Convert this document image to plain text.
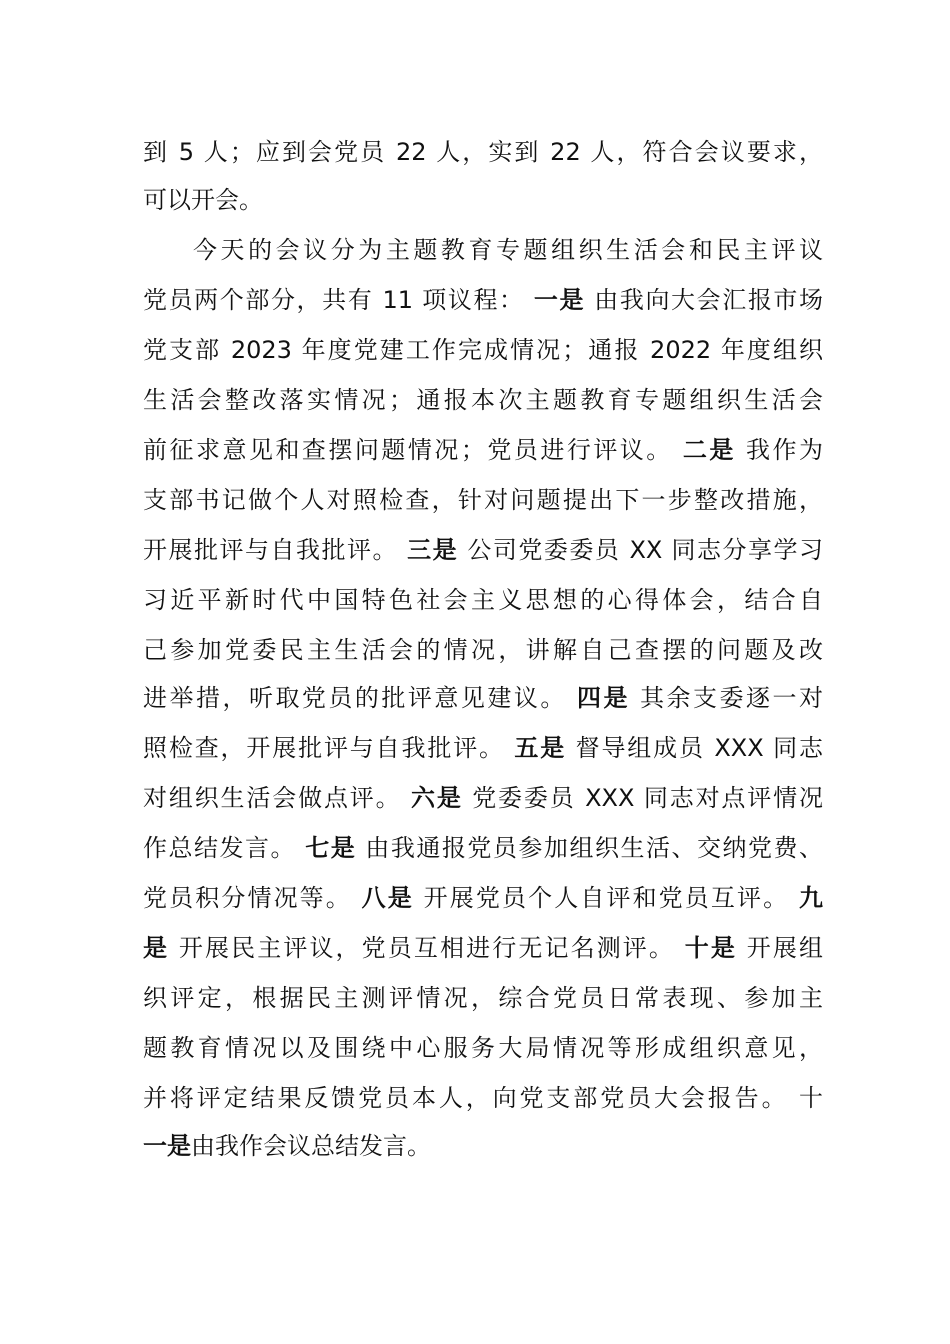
到 5 人；应到会党员 22 人，实到 22 人，符合会议要求，
可以开会。
今天的会议分为主题教育专题组织生活会和民主评议
党员两个部分，共有 11 项议程： 一是 由我向大会汇报市场
党支部 2023 年度党建工作完成情况；通报 2022 年度组织
生活会整改落实情况；通报本次主题教育专题组织生活会
前征求意见和查摆问题情况；党员进行评议。 二是 我作为
支部书记做个人对照检查，针对问题提出下一步整改措施，
开展批评与自我批评。 三是 公司党委委员 XX 同志分享学习
习近平新时代中国特色社会主义思想的心得体会，结合自
己参加党委民主生活会的情况，讲解自己查摆的问题及改
进举措，听取党员的批评意见建议。 四是 其余支委逐一对
照检查，开展批评与自我批评。 五是 督导组成员 XXX 同志
对组织生活会做点评。 六是 党委委员 XXX 同志对点评情况
作总结发言。 七是 由我通报党员参加组织生活、交纳党费、
党员积分情况等。 八是 开展党员个人自评和党员互评。 九
是 开展民主评议，党员互相进行无记名测评。 十是 开展组
织评定，根据民主测评情况，综合党员日常表现、参加主
题教育情况以及围绕中心服务大局情况等形成组织意见，
并将评定结果反馈党员本人，向党支部党员大会报告。 十
一是由我作会议总结发言。
